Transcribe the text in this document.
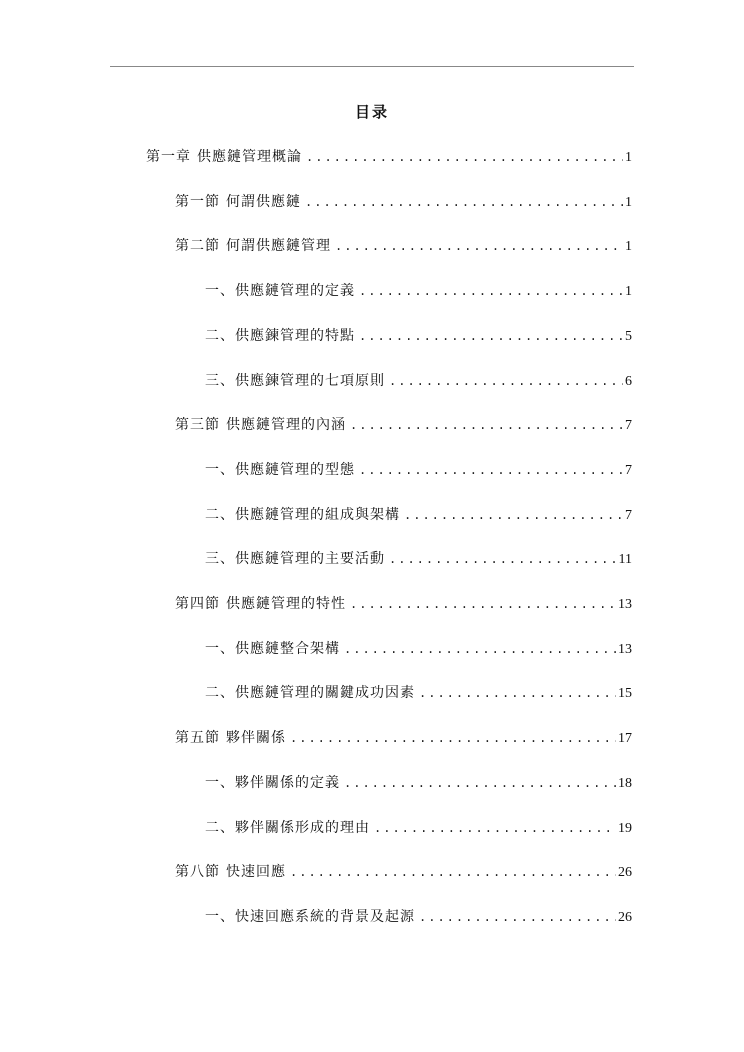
目录
第一章 供應鏈管理概論 .....	1
第一節 何謂供應鏈 .....	1
第二節 何謂供應鏈管理 .....	1
一、供應鏈管理的定義 .....	1
二、供應鍊管理的特點 .....	5
三、供應鍊管理的七項原則 .....	6
第三節 供應鏈管理的內涵 .....	7
一、供應鏈管理的型態 .....	7
二、供應鏈管理的組成與架構 .....	7
三、供應鏈管理的主要活動 .....	11
第四節 供應鏈管理的特性 .....	13
一、供應鏈整合架構 .....	13
二、供應鏈管理的關鍵成功因素 .....	15
第五節 夥伴關係 .....	17
一、夥伴關係的定義 .....	18
二、夥伴關係形成的理由 .....	19
第八節 快速回應 .....	26
一、快速回應系統的背景及起源 .....	26
